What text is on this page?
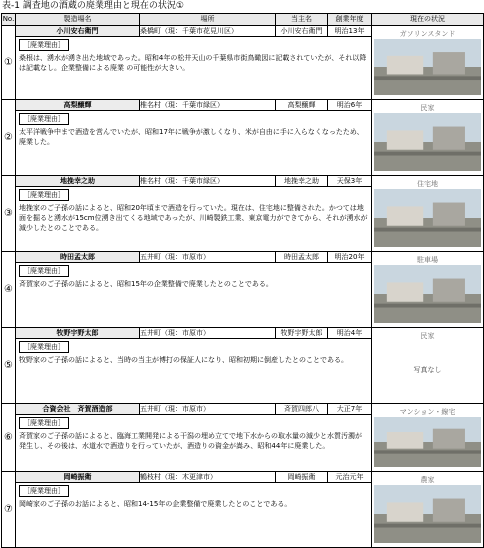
表-1 調査地の酒蔵の廃業理由と現在の状況①
No.	製造場名	場所	当主名	創業年度	現在の状況
①	小川安右衛門	桑橋町（現：千葉市花見川区）	小川安右衛門	明治13年	ガソリンスタンド

	［廃業理由］
桑根は、湧水が湧き出た地域であった。昭和4年の松井天山の千葉県市街鳥瞰図に記載されていたが、それ以降は記載なし。企業整備による廃業 の可能性が大きい。				

②	高梨醸輝	椎名村（現：千葉市緑区）	高梨醸輝	明治6年	民家

	［廃業理由］
太平洋戦争中まで酒造を営んでいたが、昭和17年に戦争が激しくなり、米が自由に手に入らなくなったため、廃業した。				

③	地挽幸之助	椎名村（現：千葉市緑区）	地挽幸之助	天保3年	住宅地

	［廃業理由］
地挽家のご子孫の話によると、昭和20年頃まで酒造を行っていた。現在は、住宅地に整備された。かつては地面を掘ると湧水が15cm位湧き出てくる地域であったが、川崎製鉄工業、東京電力ができてから、それが湧水が減少したとのことである。				

④	時田孟太郎	五井町（現：市原市）	時田孟太郎	明治20年	駐車場

	［廃業理由］
斉賀家のご子孫の話によると、昭和15年の企業整備で廃業したとのことである。				

⑤	牧野宇野太郎	五井町（現：市原市）	牧野宇野太郎	明治4年	民家
写真なし

	［廃業理由］
牧野家のご子孫の話によると、当時の当主が博打の保証人になり、昭和初期に倒産したとのことである。				

⑥	合資会社　斉賀酒造部	五井町（現：市原市）	斉賀四郎八	大正7年	マンション・線宅

	［廃業理由］
斉賀家のご子孫の話によると、臨海工業開発による干潟の埋め立てで地下水からの取水量の減少と水質汚濁が発生し、その後は、水道水で酒造りを行っていたが、酒造りの資金が嵩み、昭和44年に廃業した。				

⑦	岡崎振衛	鶴枝村（現：木更津市）	岡崎振衛	元治元年	農家

	［廃業理由］
岡崎家のご子孫のお話によると、昭和14-15年の企業整備で廃業したとのことである。				
